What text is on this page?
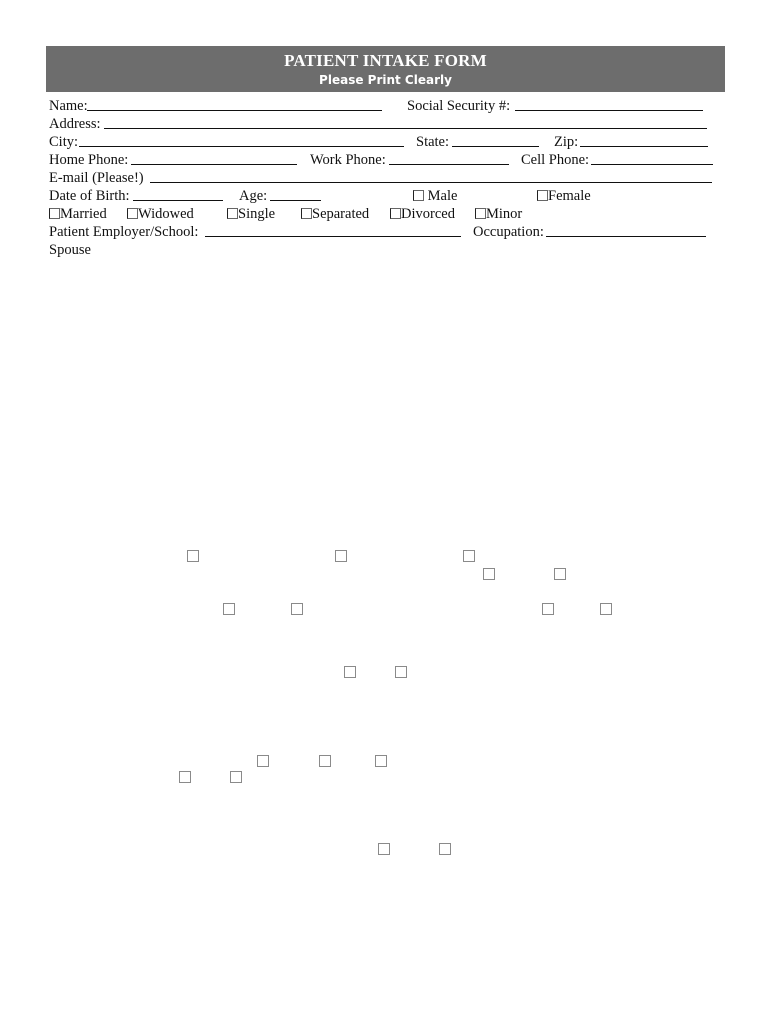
PATIENT INTAKE FORM
Please Print Clearly
Name:	Social Security #:
Address:
City:	State:	Zip:
Home Phone:	Work Phone:	Cell Phone:
E-mail (Please!)
Date of Birth:	Age:	Male	Female
Married	Widowed	Single	Separated	Divorced	Minor
Patient Employer/School:	Occupation:
Spouse
